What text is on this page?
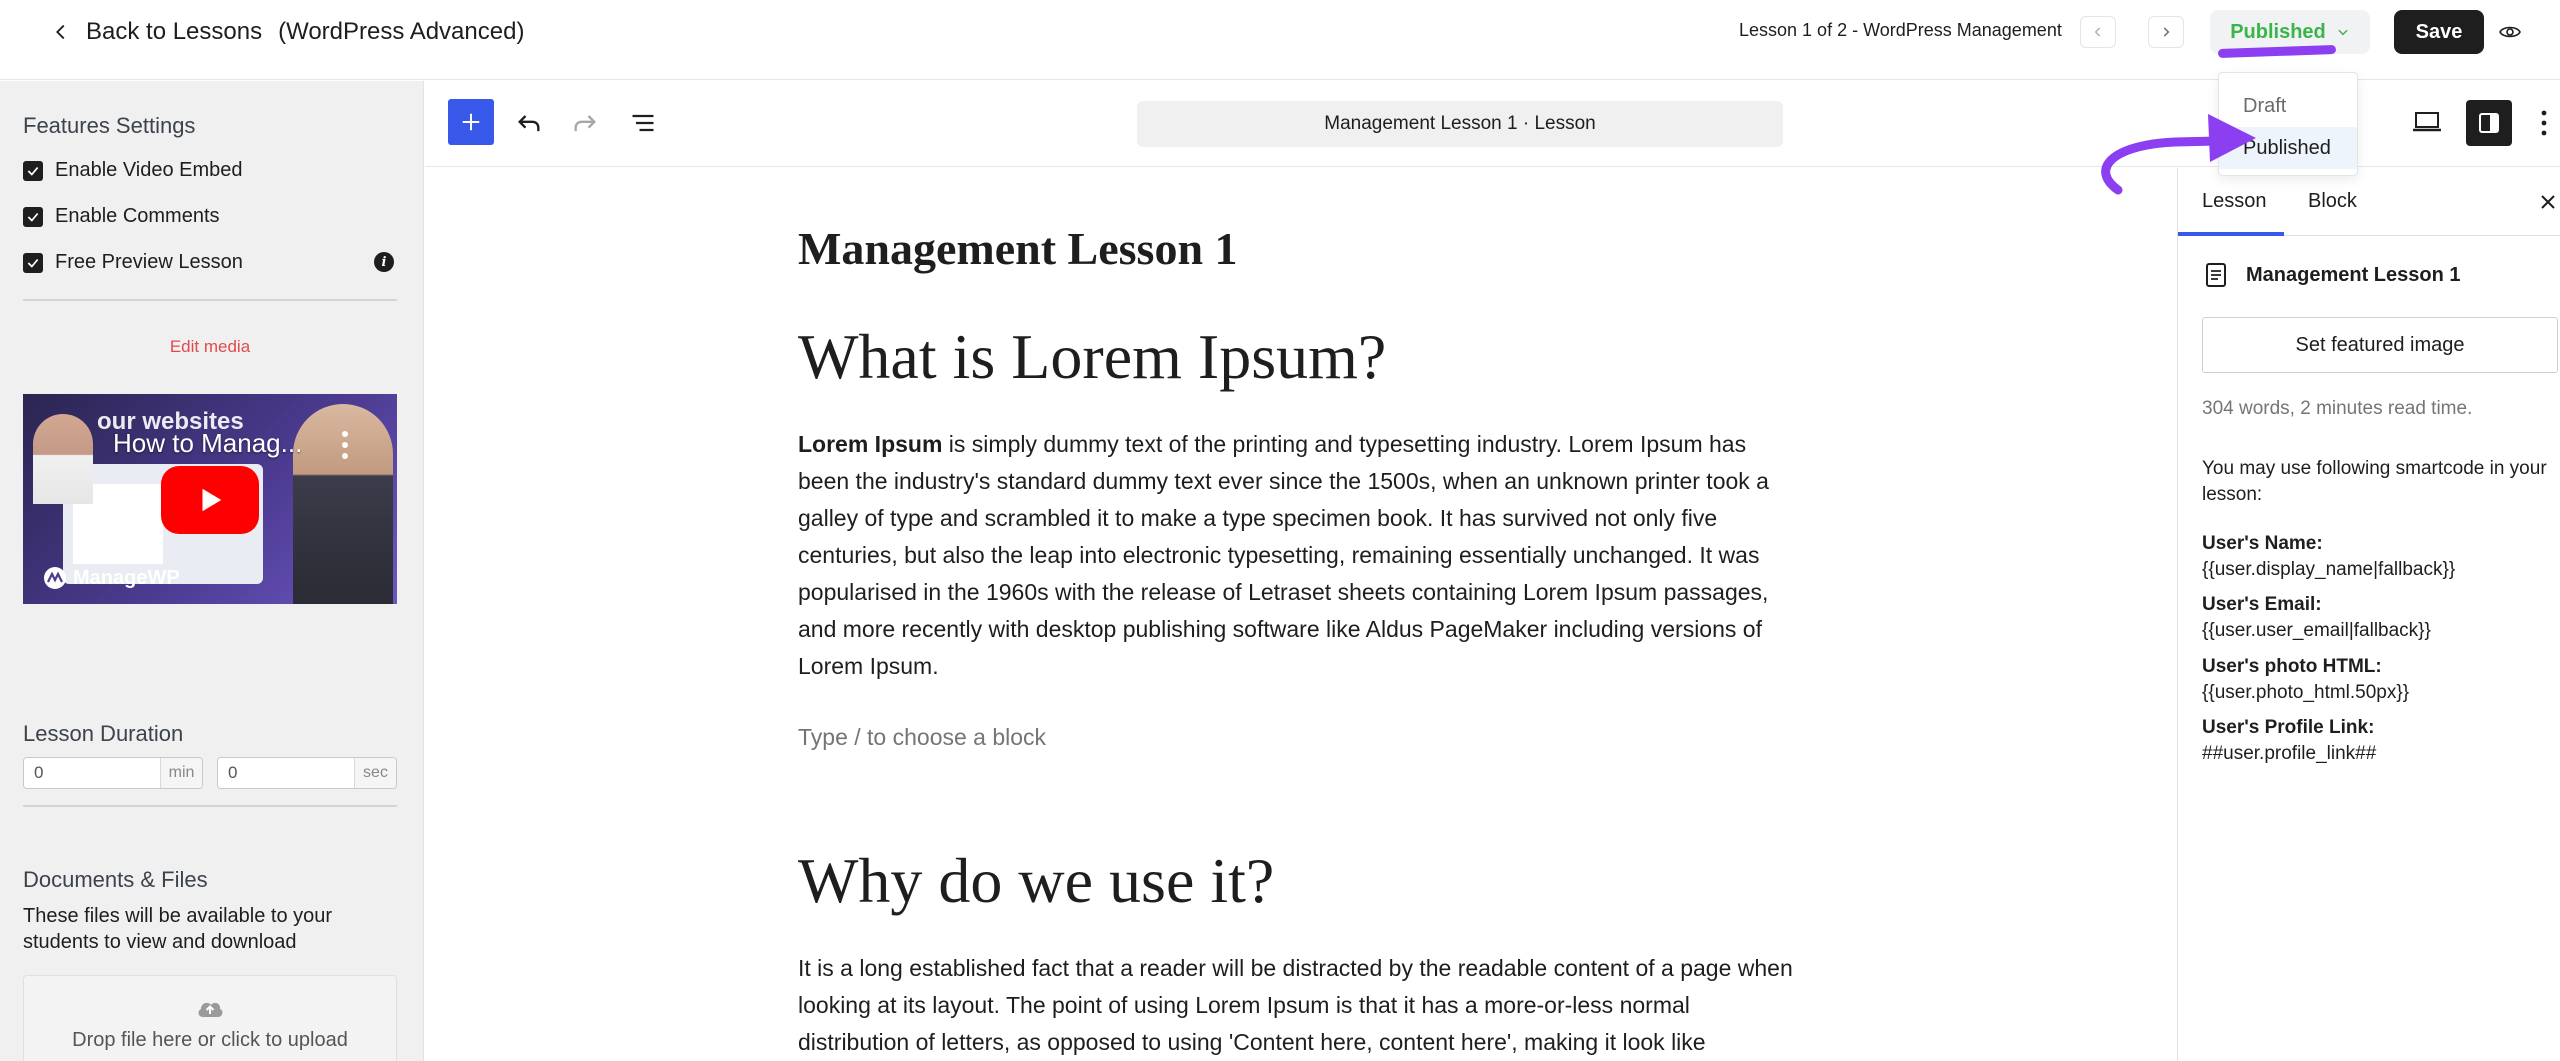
Back to Lessons (WordPress Advanced)	Lesson 1 of 2 - WordPress Management	Published	Save
Features Settings
Enable Video Embed
Enable Comments
Free Preview Lesson	i
Edit media
our websites
How to Manag...
ManageWP
Lesson Duration
0
min
0	sec
Documents & Files
These files will be available to your students to view and download
Drop file here or click to upload
Management Lesson 1 · Lesson
Management Lesson 1
What is Lorem Ipsum?
Lorem Ipsum is simply dummy text of the printing and typesetting industry. Lorem Ipsum has been the industry's standard dummy text ever since the 1500s, when an unknown printer took a galley of type and scrambled it to make a type specimen book. It has survived not only five centuries, but also the leap into electronic typesetting, remaining essentially unchanged. It was popularised in the 1960s with the release of Letraset sheets containing Lorem Ipsum passages, and more recently with desktop publishing software like Aldus PageMaker including versions of Lorem Ipsum.
Type / to choose a block
Why do we use it?
It is a long established fact that a reader will be distracted by the readable content of a page when looking at its layout. The point of using Lorem Ipsum is that it has a more-or-less normal distribution of letters, as opposed to using 'Content here, content here', making it look like
Lesson Block
Management Lesson 1
Set featured image
304 words, 2 minutes read time.
You may use following smartcode in your lesson:
User's Name:
{{user.display_name|fallback}}
User's Email:
{{user.user_email|fallback}}
User's photo HTML:
{{user.photo_html.50px}}
User's Profile Link:
##user.profile_link##
Draft
Published
